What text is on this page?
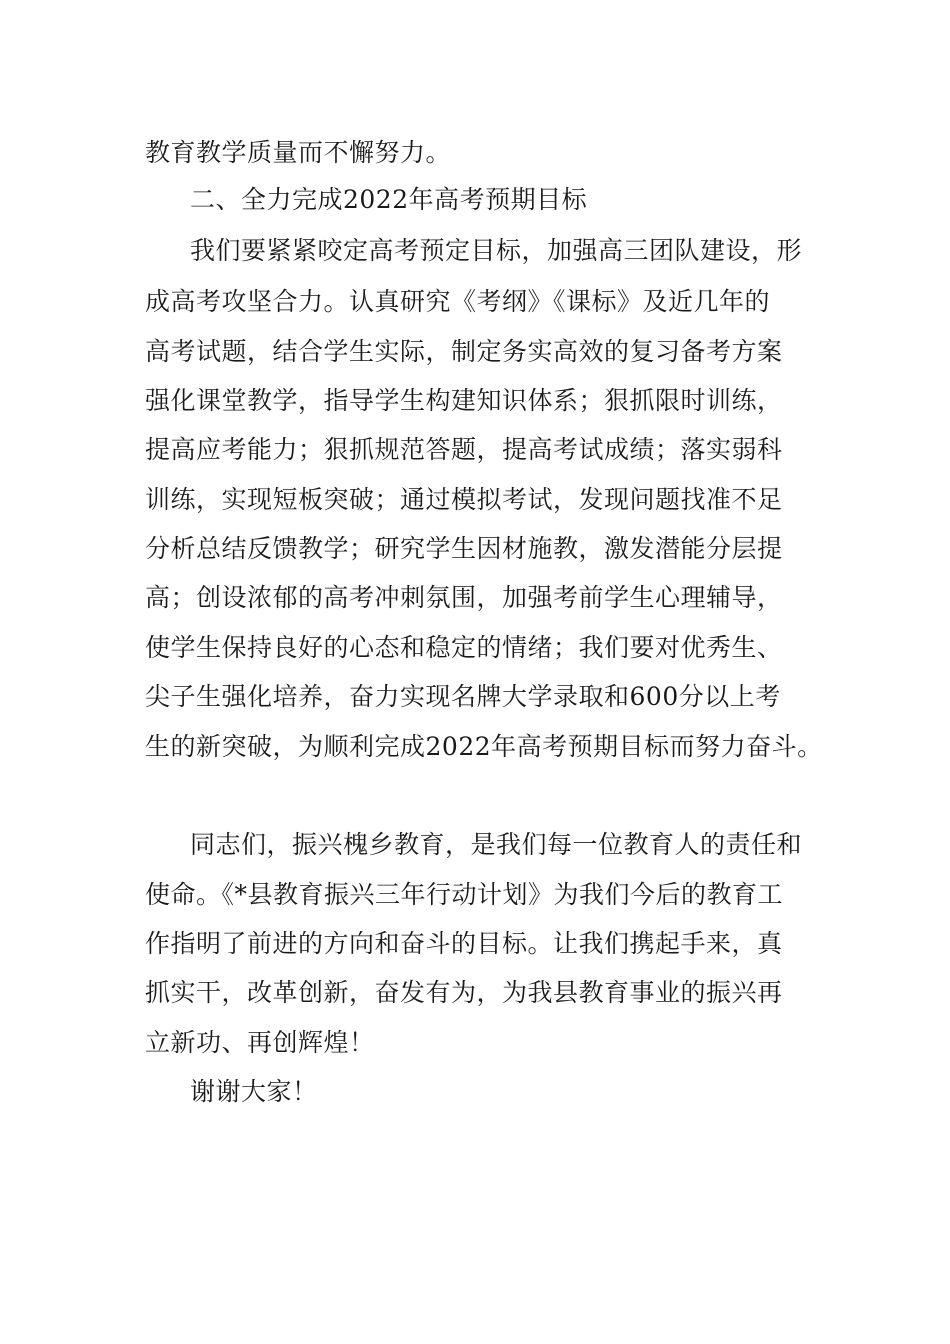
教育教学质量而不懈努力。
二、全力完成2022年高考预期目标
我们要紧紧咬定高考预定目标，加强高三团队建设，形
成高考攻坚合力。认真研究《考纲》《课标》及近几年的
高考试题，结合学生实际，制定务实高效的复习备考方案
强化课堂教学，指导学生构建知识体系；狠抓限时训练，
提高应考能力；狠抓规范答题，提高考试成绩；落实弱科
训练，实现短板突破；通过模拟考试，发现问题找准不足
分析总结反馈教学；研究学生因材施教，激发潜能分层提
高；创设浓郁的高考冲刺氛围，加强考前学生心理辅导，
使学生保持良好的心态和稳定的情绪；我们要对优秀生、
尖子生强化培养，奋力实现名牌大学录取和600分以上考
生的新突破，为顺利完成2022年高考预期目标而努力奋斗。
同志们，振兴槐乡教育，是我们每一位教育人的责任和
使命。《*县教育振兴三年行动计划》为我们今后的教育工
作指明了前进的方向和奋斗的目标。让我们携起手来，真
抓实干，改革创新，奋发有为，为我县教育事业的振兴再
立新功、再创辉煌！
谢谢大家！
